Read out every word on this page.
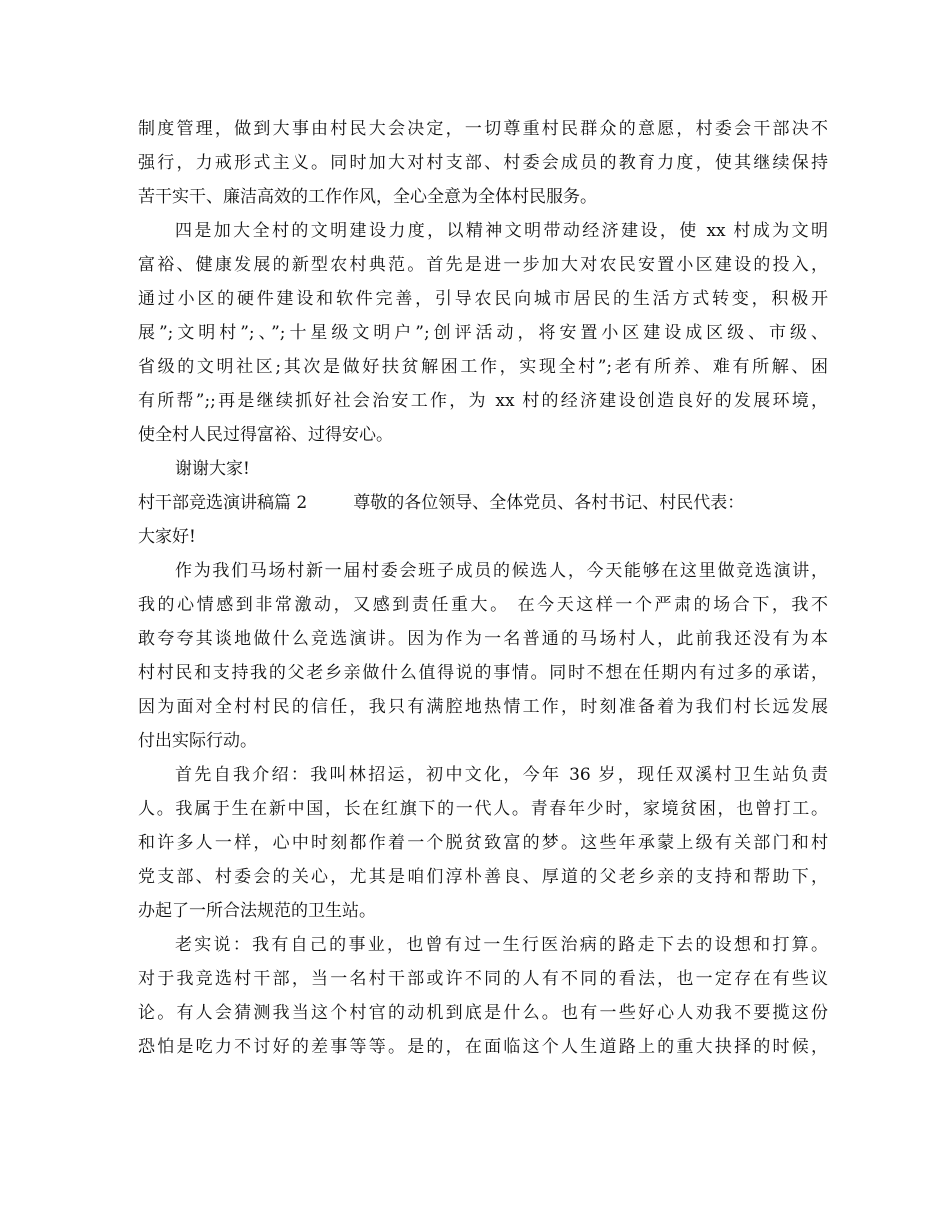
制度管理，做到大事由村民大会决定，一切尊重村民群众的意愿，村委会干部决不
强行，力戒形式主义。同时加大对村支部、村委会成员的教育力度，使其继续保持
苦干实干、廉洁高效的工作作风，全心全意为全体村民服务。
四是加大全村的文明建设力度，以精神文明带动经济建设，使 xx 村成为文明
富裕、健康发展的新型农村典范。首先是进一步加大对农民安置小区建设的投入，
通过小区的硬件建设和软件完善，引导农民向城市居民的生活方式转变，积极开
展”;文明村”;、”;十星级文明户”;创评活动，将安置小区建设成区级、市级、
省级的文明社区;其次是做好扶贫解困工作，实现全村”;老有所养、难有所解、困
有所帮”;;再是继续抓好社会治安工作，为 xx 村的经济建设创造良好的发展环境，
使全村人民过得富裕、过得安心。
谢谢大家!
村干部竞选演讲稿篇 2	尊敬的各位领导、全体党员、各村书记、村民代表：
大家好!
作为我们马场村新一届村委会班子成员的候选人，今天能够在这里做竞选演讲，
我的心情感到非常激动，又感到责任重大。 在今天这样一个严肃的场合下，我不
敢夸夸其谈地做什么竞选演讲。因为作为一名普通的马场村人，此前我还没有为本
村村民和支持我的父老乡亲做什么值得说的事情。同时不想在任期内有过多的承诺，
因为面对全村村民的信任，我只有满腔地热情工作，时刻准备着为我们村长远发展
付出实际行动。
首先自我介绍：我叫林招运，初中文化，今年 36 岁，现任双溪村卫生站负责
人。我属于生在新中国，长在红旗下的一代人。青春年少时，家境贫困，也曾打工。
和许多人一样，心中时刻都作着一个脱贫致富的梦。这些年承蒙上级有关部门和村
党支部、村委会的关心，尤其是咱们淳朴善良、厚道的父老乡亲的支持和帮助下，
办起了一所合法规范的卫生站。
老实说：我有自己的事业，也曾有过一生行医治病的路走下去的设想和打算。
对于我竞选村干部，当一名村干部或许不同的人有不同的看法，也一定存在有些议
论。有人会猜测我当这个村官的动机到底是什么。也有一些好心人劝我不要揽这份
恐怕是吃力不讨好的差事等等。是的，在面临这个人生道路上的重大抉择的时候，
